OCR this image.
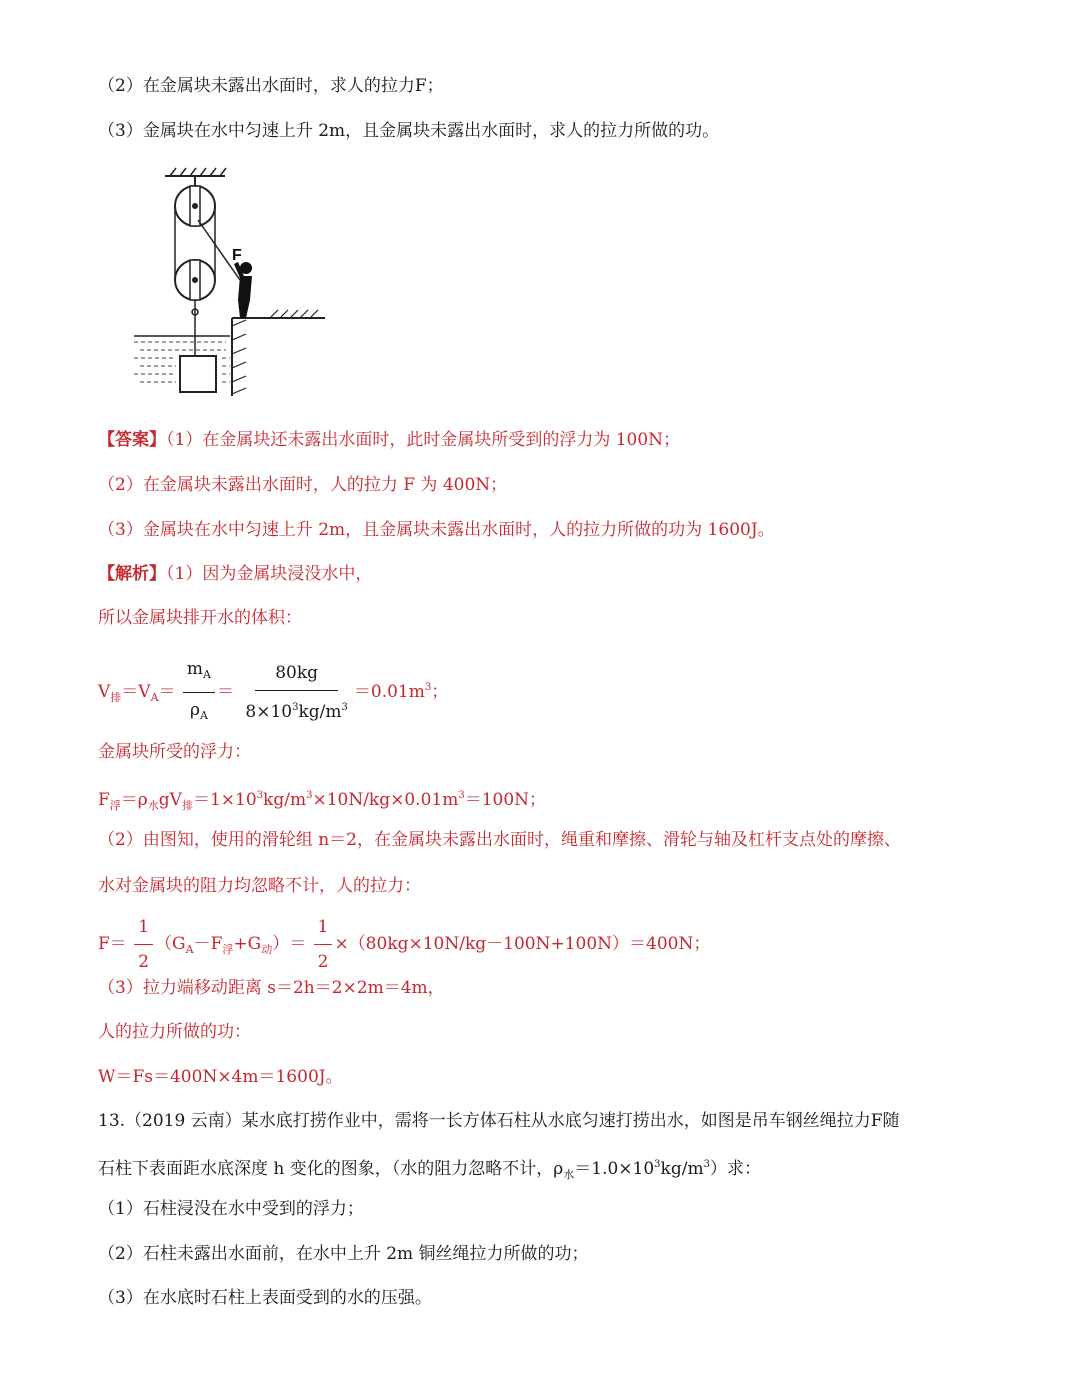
（2）在金属块未露出水面时，求人的拉力F；
（3）金属块在水中匀速上升 2m，且金属块未露出水面时，求人的拉力所做的功。
F
【答案】（1）在金属块还未露出水面时，此时金属块所受到的浮力为 100N；
（2）在金属块未露出水面时，人的拉力 F 为 400N；
（3）金属块在水中匀速上升 2m，且金属块未露出水面时，人的拉力所做的功为 1600J。
【解析】（1）因为金属块浸没水中，
所以金属块排开水的体积：
$V_排=V_A= \frac{m_A}{\rho_A} = \frac{80kg}{8\times 10^3kg/m^3} =0.01m^3$；
金属块所受的浮力：
$F_浮=\rho_水gV_排=1\times 10^3kg/m^3\times 10N/kg\times 0.01m^3=100N$；
（2）由图知，使用的滑轮组 n＝2，在金属块未露出水面时，绳重和摩擦、滑轮与轴及杠杆支点处的摩擦、
水对金属块的阻力均忽略不计，人的拉力：
$F= \frac{1}{2} (G_A-F_浮+G_动)= \frac{1}{2} \times(80kg\times 10N/kg-100N+100N)=400N$；
（3）拉力端移动距离 s＝2h＝2×2m＝4m，
人的拉力所做的功：
W＝Fs＝400N×4m＝1600J。
13.（2019 云南）某水底打捞作业中，需将一长方体石柱从水底匀速打捞出水，如图是吊车钢丝绳拉力F随
石柱下表面距水底深度 h 变化的图象，（水的阻力忽略不计，$\rho_水=1.0\times 10^3kg/m^3$）求：
（1）石柱浸没在水中受到的浮力；
（2）石柱未露出水面前，在水中上升 2m 铜丝绳拉力所做的功；
（3）在水底时石柱上表面受到的水的压强。
